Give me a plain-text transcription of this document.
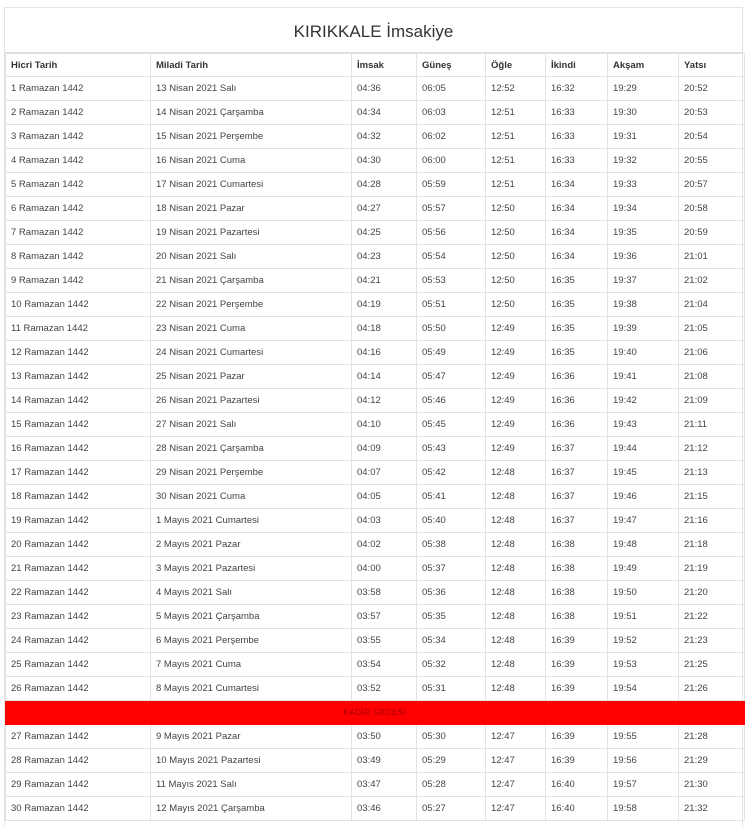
KIRIKKALE İmsakiye
Hicri Tarih	Miladi Tarih	İmsak	Güneş	Öğle	İkindi	Akşam	Yatsı
1 Ramazan 1442	13 Nisan 2021 Salı	04:36	06:05	12:52	16:32	19:29	20:52
2 Ramazan 1442	14 Nisan 2021 Çarşamba	04:34	06:03	12:51	16:33	19:30	20:53
3 Ramazan 1442	15 Nisan 2021 Perşembe	04:32	06:02	12:51	16:33	19:31	20:54
4 Ramazan 1442	16 Nisan 2021 Cuma	04:30	06:00	12:51	16:33	19:32	20:55
5 Ramazan 1442	17 Nisan 2021 Cumartesi	04:28	05:59	12:51	16:34	19:33	20:57
6 Ramazan 1442	18 Nisan 2021 Pazar	04:27	05:57	12:50	16:34	19:34	20:58
7 Ramazan 1442	19 Nisan 2021 Pazartesi	04:25	05:56	12:50	16:34	19:35	20:59
8 Ramazan 1442	20 Nisan 2021 Salı	04:23	05:54	12:50	16:34	19:36	21:01
9 Ramazan 1442	21 Nisan 2021 Çarşamba	04:21	05:53	12:50	16:35	19:37	21:02
10 Ramazan 1442	22 Nisan 2021 Perşembe	04:19	05:51	12:50	16:35	19:38	21:04
11 Ramazan 1442	23 Nisan 2021 Cuma	04:18	05:50	12:49	16:35	19:39	21:05
12 Ramazan 1442	24 Nisan 2021 Cumartesi	04:16	05:49	12:49	16:35	19:40	21:06
13 Ramazan 1442	25 Nisan 2021 Pazar	04:14	05:47	12:49	16:36	19:41	21:08
14 Ramazan 1442	26 Nisan 2021 Pazartesi	04:12	05:46	12:49	16:36	19:42	21:09
15 Ramazan 1442	27 Nisan 2021 Salı	04:10	05:45	12:49	16:36	19:43	21:11
16 Ramazan 1442	28 Nisan 2021 Çarşamba	04:09	05:43	12:49	16:37	19:44	21:12
17 Ramazan 1442	29 Nisan 2021 Perşembe	04:07	05:42	12:48	16:37	19:45	21:13
18 Ramazan 1442	30 Nisan 2021 Cuma	04:05	05:41	12:48	16:37	19:46	21:15
19 Ramazan 1442	1 Mayıs 2021 Cumartesi	04:03	05:40	12:48	16:37	19:47	21:16
20 Ramazan 1442	2 Mayıs 2021 Pazar	04:02	05:38	12:48	16:38	19:48	21:18
21 Ramazan 1442	3 Mayıs 2021 Pazartesi	04:00	05:37	12:48	16:38	19:49	21:19
22 Ramazan 1442	4 Mayıs 2021 Salı	03:58	05:36	12:48	16:38	19:50	21:20
23 Ramazan 1442	5 Mayıs 2021 Çarşamba	03:57	05:35	12:48	16:38	19:51	21:22
24 Ramazan 1442	6 Mayıs 2021 Perşembe	03:55	05:34	12:48	16:39	19:52	21:23
25 Ramazan 1442	7 Mayıs 2021 Cuma	03:54	05:32	12:48	16:39	19:53	21:25
26 Ramazan 1442	8 Mayıs 2021 Cumartesi	03:52	05:31	12:48	16:39	19:54	21:26
KADİR GECESİ							
27 Ramazan 1442	9 Mayıs 2021 Pazar	03:50	05:30	12:47	16:39	19:55	21:28
28 Ramazan 1442	10 Mayıs 2021 Pazartesi	03:49	05:29	12:47	16:39	19:56	21:29
29 Ramazan 1442	11 Mayıs 2021 Salı	03:47	05:28	12:47	16:40	19:57	21:30
30 Ramazan 1442	12 Mayıs 2021 Çarşamba	03:46	05:27	12:47	16:40	19:58	21:32
